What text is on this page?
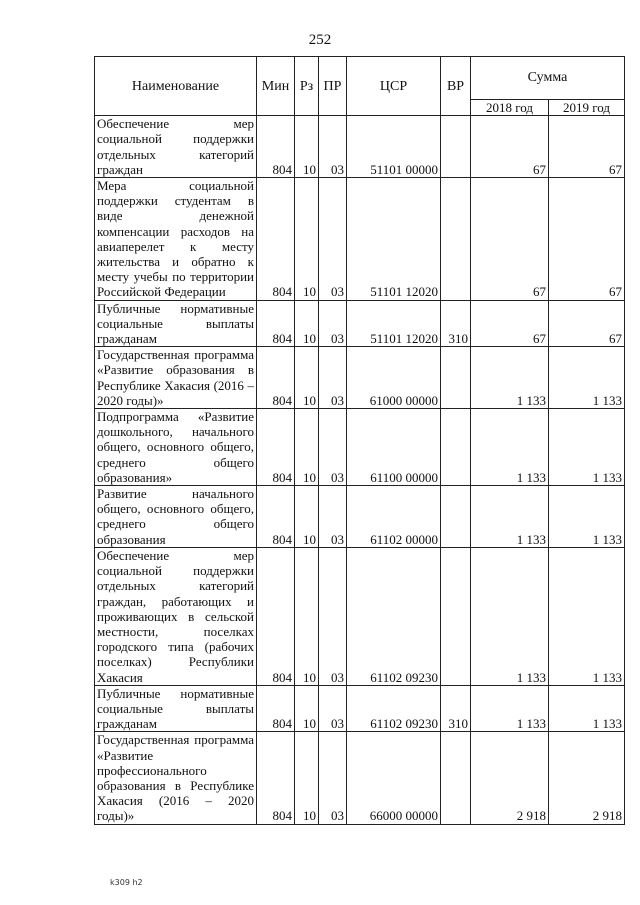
252
Наименование	Мин	Рз	ПР	ЦСР	ВР	Сумма	
						2018 год	2019 год
Обеспечение мер социальной поддержки отдельных категорий граждан	804	10	03	51101 00000		67	67
Мера социальной поддержки студентам в виде денежной компенсации расходов на авиаперелет к месту жительства и обратно к месту учебы по территории Российской Федерации	804	10	03	51101 12020		67	67
Публичные нормативные социальные выплаты гражданам	804	10	03	51101 12020	310	67	67
Государственная программа «Развитие образования в Республике Хакасия (2016 – 2020 годы)»	804	10	03	61000 00000		1 133	1 133
Подпрограмма «Развитие дошкольного, начального общего, основного общего, среднего общего образования»	804	10	03	61100 00000		1 133	1 133
Развитие начального общего, основного общего, среднего общего образования	804	10	03	61102 00000		1 133	1 133
Обеспечение мер социальной поддержки отдельных категорий граждан, работающих и проживающих в сельской местности, поселках городского типа (рабочих поселках) Республики Хакасия	804	10	03	61102 09230		1 133	1 133
Публичные нормативные социальные выплаты гражданам	804	10	03	61102 09230	310	1 133	1 133
Государственная программа «Развитие профессионального образования в Республике Хакасия (2016 – 2020 годы)»	804	10	03	66000 00000		2 918	2 918
k309 h2
